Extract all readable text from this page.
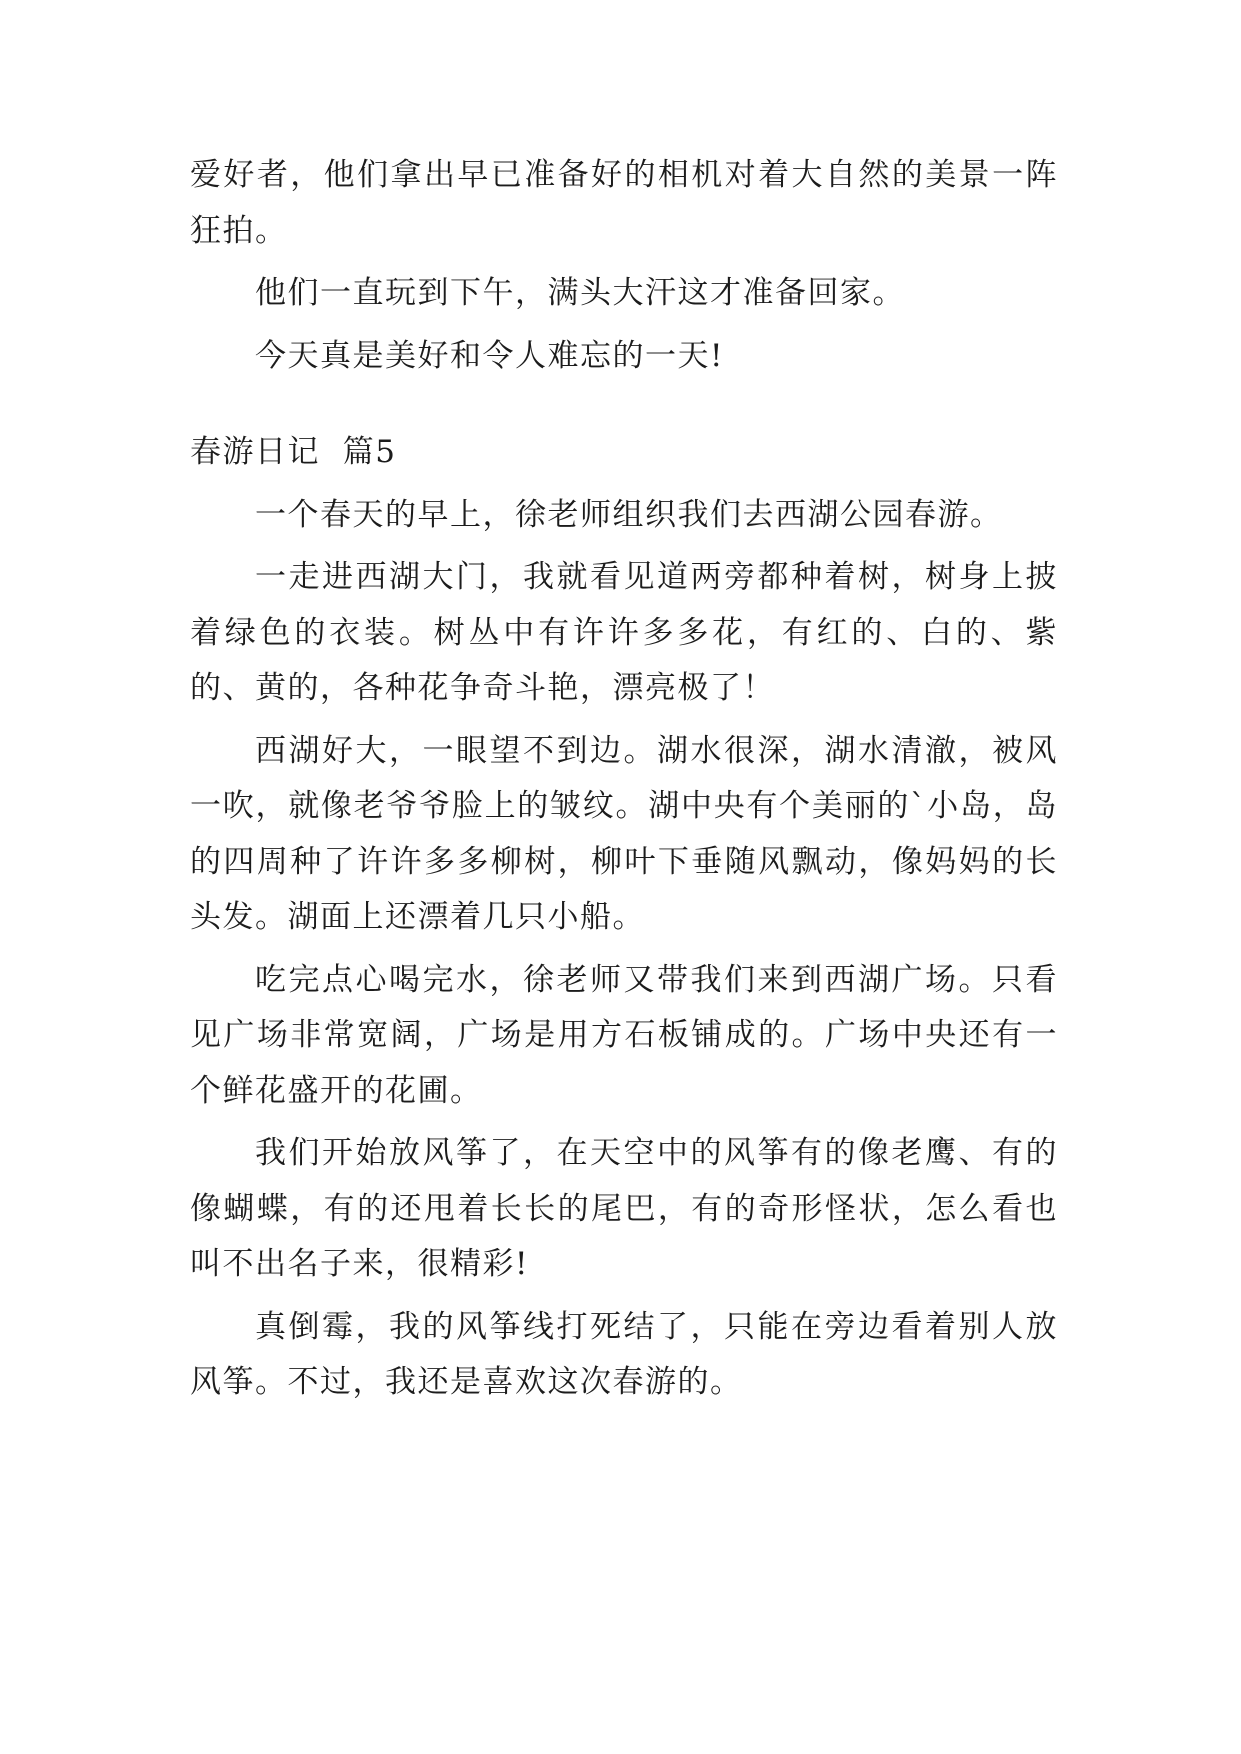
爱好者，他们拿出早已准备好的相机对着大自然的美景一阵狂拍。

他们一直玩到下午，满头大汗这才准备回家。

今天真是美好和令人难忘的一天!

春游日记  篇5

一个春天的早上，徐老师组织我们去西湖公园春游。

一走进西湖大门，我就看见道两旁都种着树，树身上披着绿色的衣装。树丛中有许许多多花，有红的、白的、紫的、黄的，各种花争奇斗艳，漂亮极了！

西湖好大，一眼望不到边。湖水很深，湖水清澈，被风一吹，就像老爷爷脸上的皱纹。湖中央有个美丽的`小岛，岛的四周种了许许多多柳树，柳叶下垂随风飘动，像妈妈的长头发。湖面上还漂着几只小船。

吃完点心喝完水，徐老师又带我们来到西湖广场。只看见广场非常宽阔，广场是用方石板铺成的。广场中央还有一个鲜花盛开的花圃。

我们开始放风筝了，在天空中的风筝有的像老鹰、有的像蝴蝶，有的还甩着长长的尾巴，有的奇形怪状，怎么看也叫不出名子来，很精彩!

真倒霉，我的风筝线打死结了，只能在旁边看着别人放风筝。不过，我还是喜欢这次春游的。
